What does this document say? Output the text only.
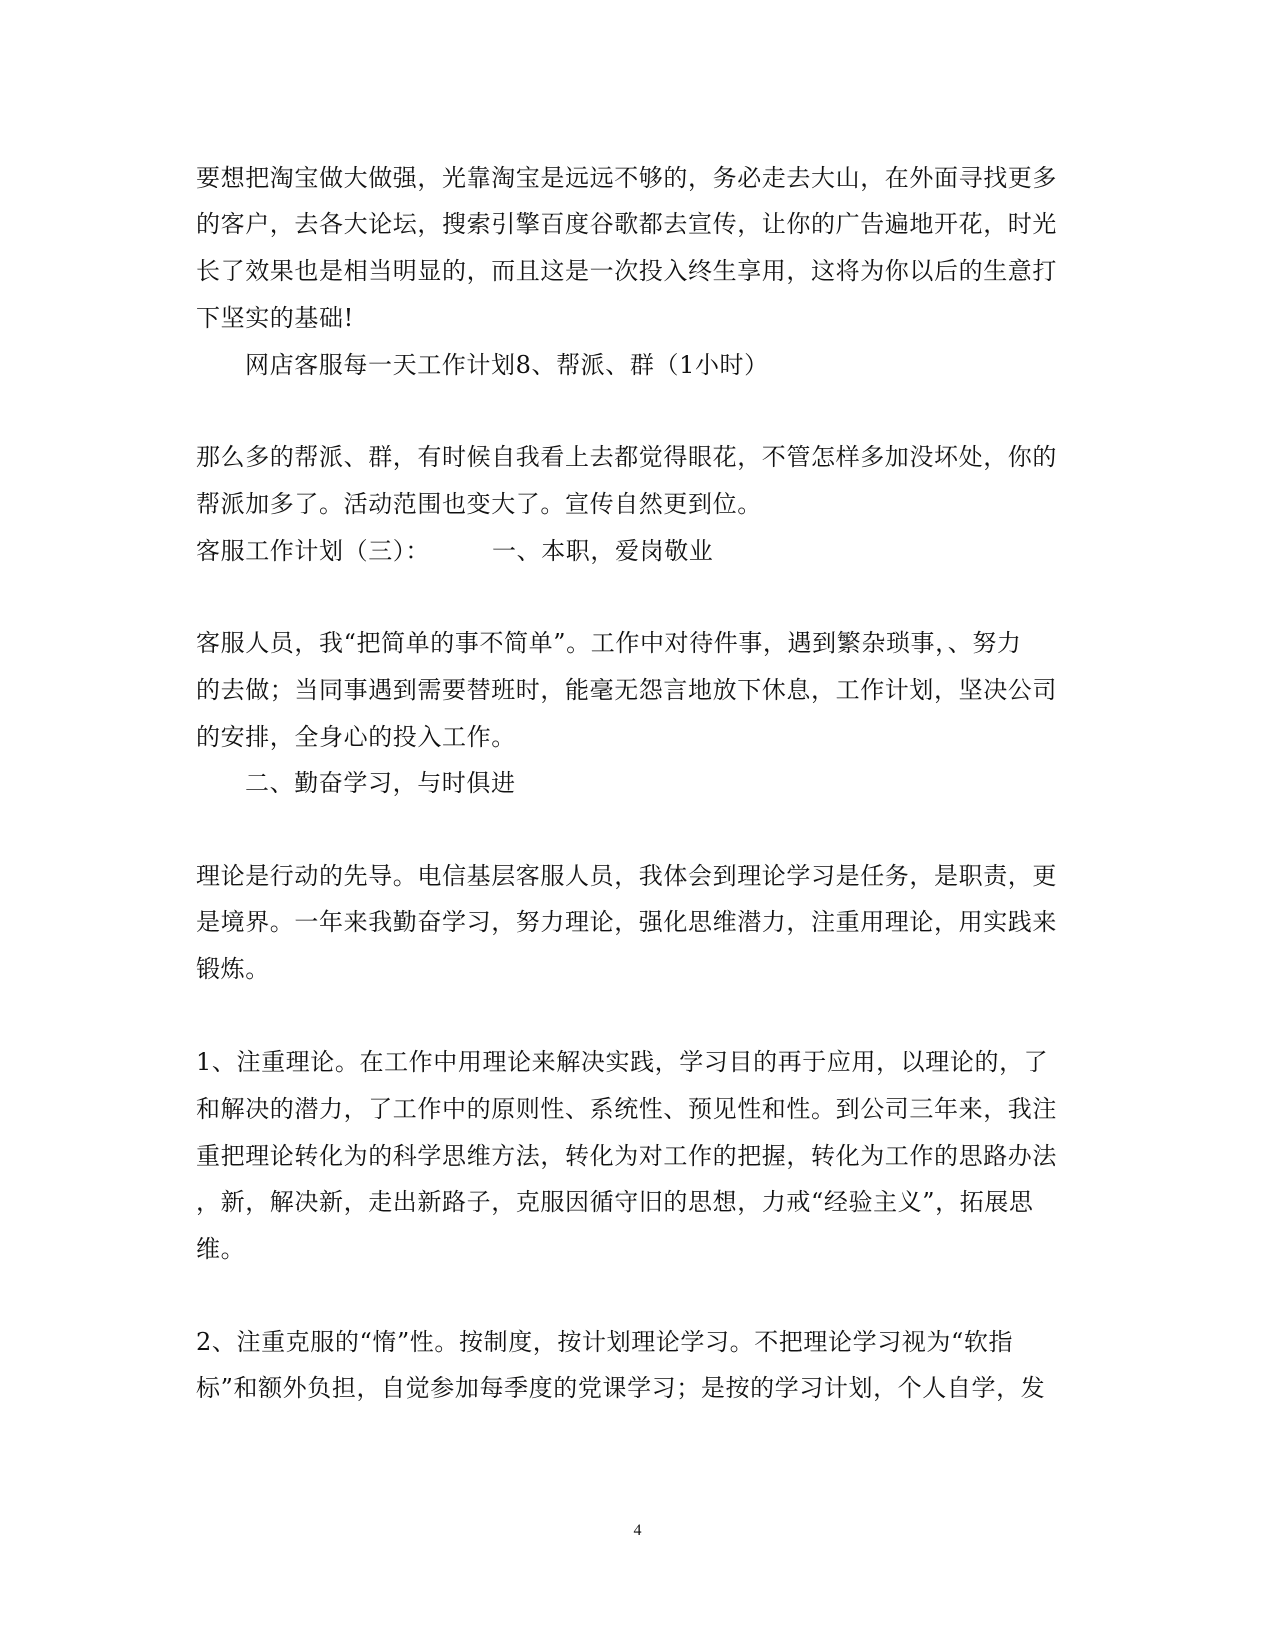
要想把淘宝做大做强，光靠淘宝是远远不够的，务必走去大山，在外面寻找更多
的客户，去各大论坛，搜索引擎百度谷歌都去宣传，让你的广告遍地开花，时光
长了效果也是相当明显的，而且这是一次投入终生享用，这将为你以后的生意打
下坚实的基础!
网店客服每一天工作计划8、帮派、群（1小时）
那么多的帮派、群，有时候自我看上去都觉得眼花，不管怎样多加没坏处，你的
帮派加多了。活动范围也变大了。宣传自然更到位。
客服工作计划（三）：	一、本职，爱岗敬业
客服人员，我“把简单的事不简单”。工作中对待件事，遇到繁杂琐事，、努力
的去做；当同事遇到需要替班时，能毫无怨言地放下休息，工作计划，坚决公司
的安排，全身心的投入工作。
二、勤奋学习，与时俱进
理论是行动的先导。电信基层客服人员，我体会到理论学习是任务，是职责，更
是境界。一年来我勤奋学习，努力理论，强化思维潜力，注重用理论，用实践来
锻炼。
1、注重理论。在工作中用理论来解决实践，学习目的再于应用，以理论的，了
和解决的潜力，了工作中的原则性、系统性、预见性和性。到公司三年来，我注
重把理论转化为的科学思维方法，转化为对工作的把握，转化为工作的思路办法
，新，解决新，走出新路子，克服因循守旧的思想，力戒“经验主义”，拓展思
维。
2、注重克服的“惰”性。按制度，按计划理论学习。不把理论学习视为“软指
标”和额外负担，自觉参加每季度的党课学习；是按的学习计划，个人自学，发
4
